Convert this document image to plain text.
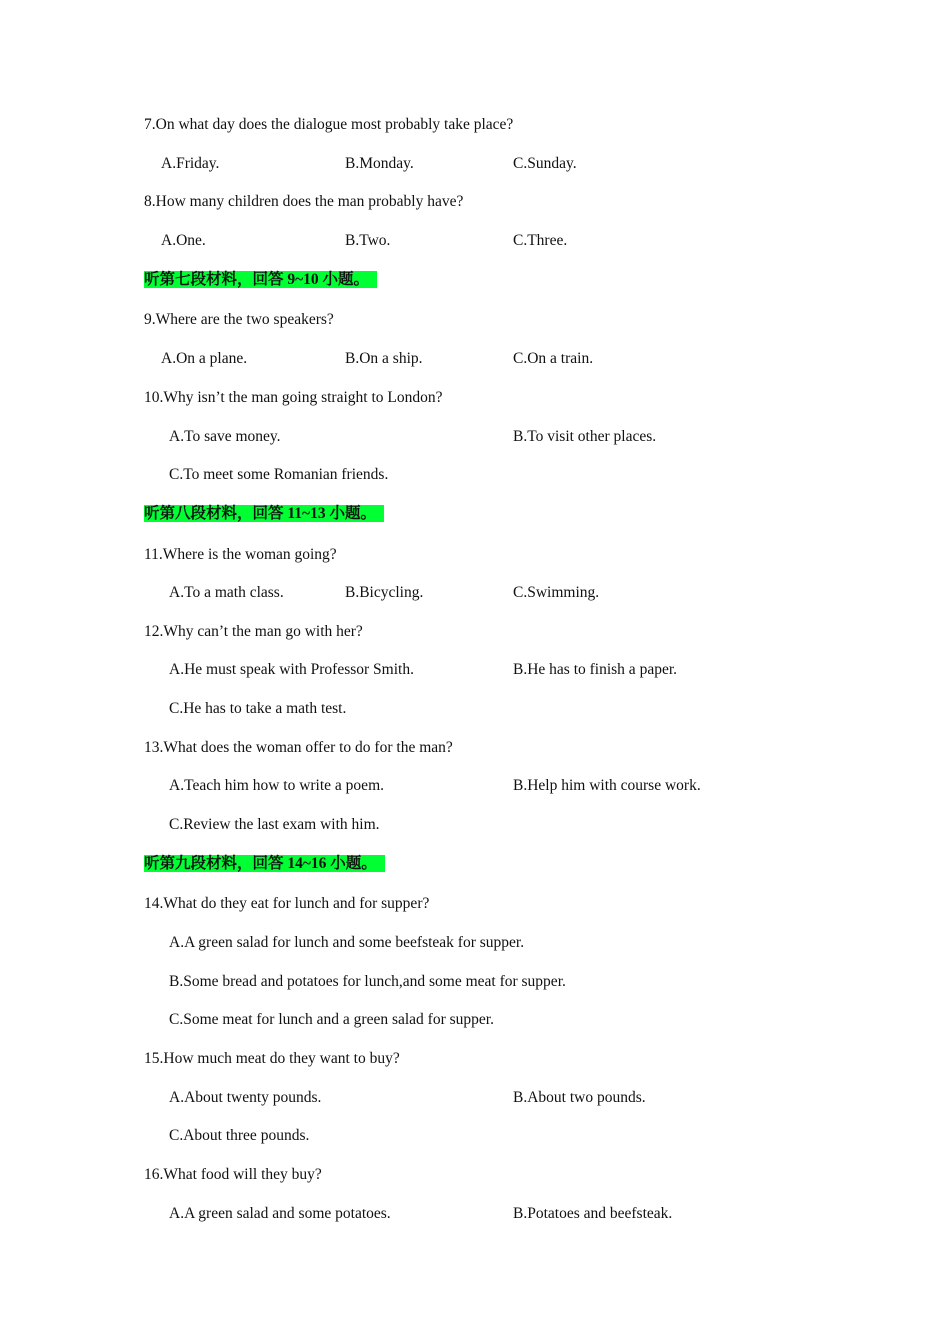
7.On what day does the dialogue most probably take place?
A.Friday.	B.Monday.	C.Sunday.
8.How many children does the man probably have?
A.One.	B.Two.	C.Three.
听第七段材料，回答 9~10 小题。
9.Where are the two speakers?
A.On a plane.	B.On a ship.	C.On a train.
10.Why isn’t the man going straight to London?
A.To save money.	B.To visit other places.
C.To meet some Romanian friends.
听第八段材料，回答 11~13 小题。
11.Where is the woman going?
A.To a math class.	B.Bicycling.	C.Swimming.
12.Why can’t the man go with her?
A.He must speak with Professor Smith.	B.He has to finish a paper.
C.He has to take a math test.
13.What does the woman offer to do for the man?
A.Teach him how to write a poem.	B.Help him with course work.
C.Review the last exam with him.
听第九段材料，回答 14~16 小题。
14.What do they eat for lunch and for supper?
A.A green salad for lunch and some beefsteak for supper.
B.Some bread and potatoes for lunch,and some meat for supper.
C.Some meat for lunch and a green salad for supper.
15.How much meat do they want to buy?
A.About twenty pounds.	B.About two pounds.
C.About three pounds.
16.What food will they buy?
A.A green salad and some potatoes.	B.Potatoes and beefsteak.
